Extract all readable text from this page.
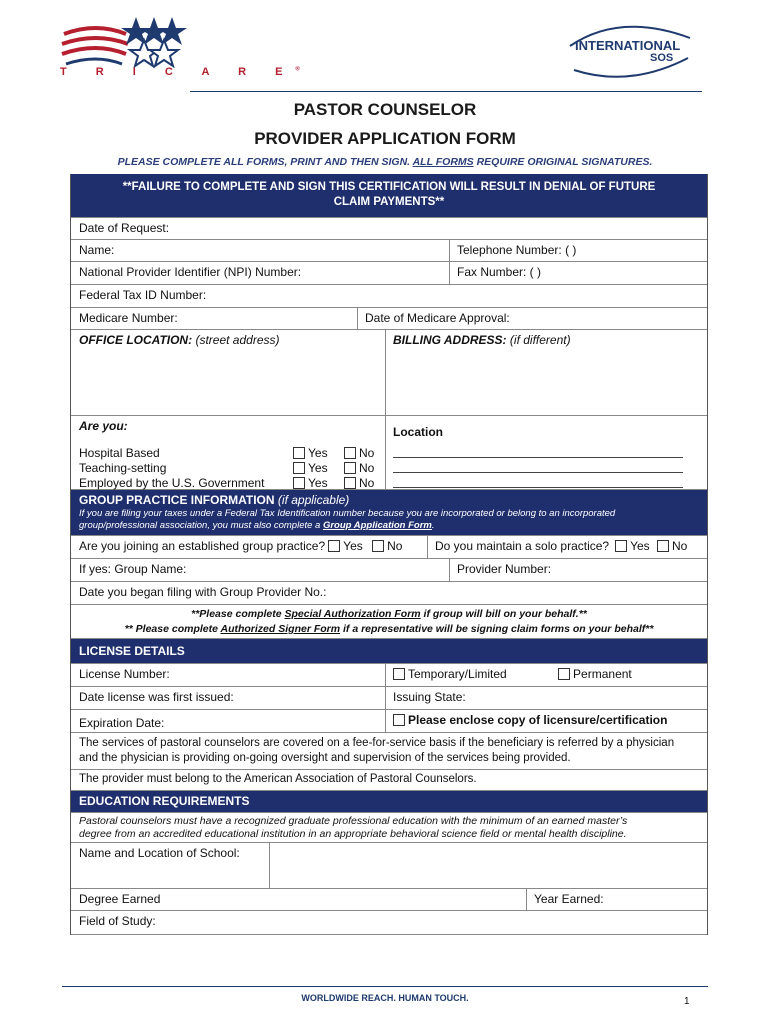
T R I C A R E®
INTERNATIONAL
SOS
PASTOR COUNSELOR
PROVIDER APPLICATION FORM
PLEASE COMPLETE ALL FORMS, PRINT AND THEN SIGN. ALL FORMS REQUIRE ORIGINAL SIGNATURES.
**FAILURE TO COMPLETE AND SIGN THIS CERTIFICATION WILL RESULT IN DENIAL OF FUTURE
CLAIM PAYMENTS**
Date of Request:
Name:	Telephone Number: ( )
National Provider Identifier (NPI) Number:	Fax Number: ( )
Federal Tax ID Number:
Medicare Number:	Date of Medicare Approval:
OFFICE LOCATION: (street address)	BILLING ADDRESS: (if different)
Are you:
Hospital Based	Yes	No
Teaching-setting	Yes	No
Employed by the U.S. Government	Yes	No
Location
GROUP PRACTICE INFORMATION (if applicable)
If you are filing your taxes under a Federal Tax Identification number because you are incorporated or belong to an incorporated
group/professional association, you must also complete a Group Application Form.
Are you joining an established group practice? Yes No	Do you maintain a solo practice? Yes No
If yes: Group Name:	Provider Number:
Date you began filing with Group Provider No.:
**Please complete Special Authorization Form if group will bill on your behalf.**
** Please complete Authorized Signer Form if a representative will be signing claim forms on your behalf**
LICENSE DETAILS
License Number:	Temporary/Limited	Permanent
Date license was first issued:	Issuing State:
Expiration Date:	Please enclose copy of licensure/certification
The services of pastoral counselors are covered on a fee-for-service basis if the beneficiary is referred by a physician
and the physician is providing on-going oversight and supervision of the services being provided.
The provider must belong to the American Association of Pastoral Counselors.
EDUCATION REQUIREMENTS
Pastoral counselors must have a recognized graduate professional education with the minimum of an earned master’s
degree from an accredited educational institution in an appropriate behavioral science field or mental health discipline.
Name and Location of School:
Degree Earned	Year Earned:
Field of Study:
WORLDWIDE REACH. HUMAN TOUCH.	1
